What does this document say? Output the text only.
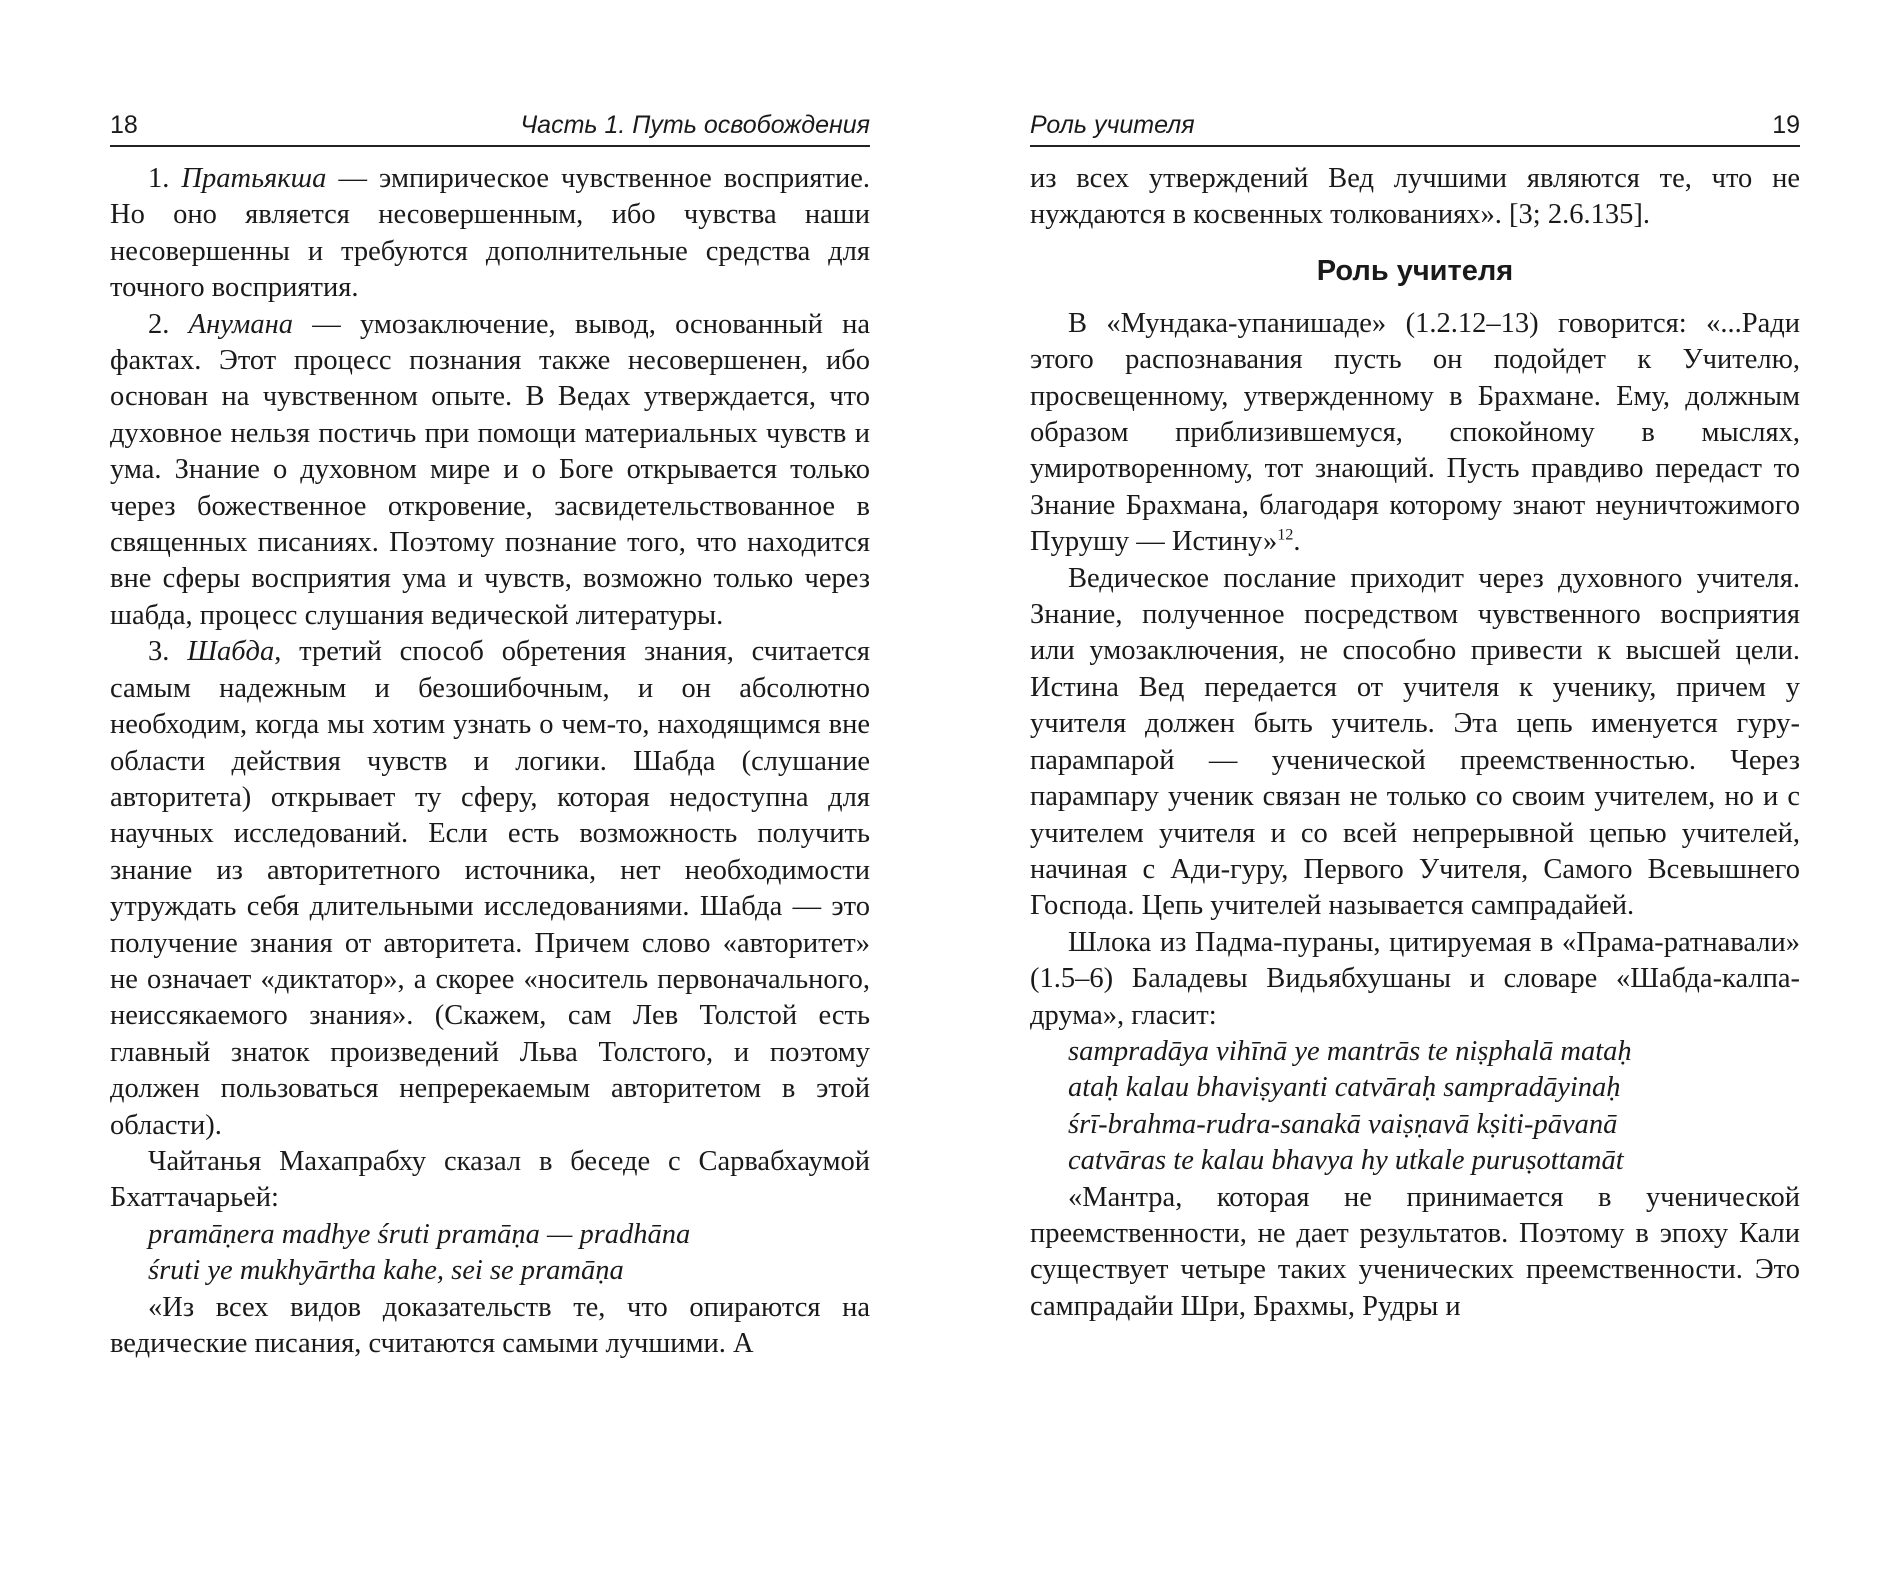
18	Часть 1. Путь освобождения

1. Пратьякша — эмпирическое чувственное восприятие. Но оно является несовершенным, ибо чувства наши несовершенны и требуются дополнительные средства для точного восприятия.

2. Анумана — умозаключение, вывод, основанный на фактах. Этот процесс познания также несовершенен, ибо основан на чувственном опыте. В Ведах утверждается, что духовное нельзя постичь при помощи материальных чувств и ума. Знание о духовном мире и о Боге открывается только через божественное откровение, засвидетельствованное в священных писаниях. Поэтому познание того, что находится вне сферы восприятия ума и чувств, возможно только через шабда, процесс слушания ведической литературы.

3. Шабда, третий способ обретения знания, считается самым надежным и безошибочным, и он абсолютно необходим, когда мы хотим узнать о чем-то, находящимся вне области действия чувств и логики. Шабда (слушание авторитета) открывает ту сферу, которая недоступна для научных исследований. Если есть возможность получить знание из авторитетного источника, нет необходимости утруждать себя длительными исследованиями. Шабда — это получение знания от авторитета. Причем слово «авторитет» не означает «диктатор», а скорее «носитель первоначального, неиссякаемого знания». (Скажем, сам Лев Толстой есть главный знаток произведений Льва Толстого, и поэтому должен пользоваться непререкаемым авторитетом в этой области).

Чайтанья Махапрабху сказал в беседе с Сарвабхаумой Бхаттачарьей:

pramāṇera madhye śruti pramāṇa — pradhāna
śruti ye mukhyārtha kahe, sei se pramāṇa

«Из всех видов доказательств те, что опираются на ведические писания, считаются самыми лучшими. А

Роль учителя	19

из всех утверждений Вед лучшими являются те, что не нуждаются в косвенных толкованиях». [3; 2.6.135].

Роль учителя

В «Мундака-упанишаде» (1.2.12–13) говорится: «...Ради этого распознавания пусть он подойдет к Учителю, просвещенному, утвержденному в Брахмане. Ему, должным образом приблизившемуся, спокойному в мыслях, умиротворенному, тот знающий. Пусть правдиво передаст то Знание Брахмана, благодаря которому знают неуничтожимого Пурушу — Истину»$^{12}$.

Ведическое послание приходит через духовного учителя. Знание, полученное посредством чувственного восприятия или умозаключения, не способно привести к высшей цели. Истина Вед передается от учителя к ученику, причем у учителя должен быть учитель. Эта цепь именуется гуру-парампарой — ученической преемственностью. Через парампару ученик связан не только со своим учителем, но и с учителем учителя и со всей непрерывной цепью учителей, начиная с Ади-гуру, Первого Учителя, Самого Всевышнего Господа. Цепь учителей называется сампрадайей.

Шлока из Падма-пураны, цитируемая в «Прамa-ратнавали» (1.5–6) Баладевы Видьябхушаны и словаре «Шабда-калпа-друма», гласит:

sampradāya vihīnā ye mantrās te niṣphalā mataḥ
ataḥ kalau bhaviṣyanti catvāraḥ sampradāyinaḥ
śrī-brahma-rudra-sanakā vaiṣṇavā kṣiti-pāvanā
catvāras te kalau bhavya hy utkale puruṣottamāt

«Мантра, которая не принимается в ученической преемственности, не дает результатов. Поэтому в эпоху Кали существует четыре таких ученических преемственности. Это сампрадайи Шри, Брахмы, Рудры и
